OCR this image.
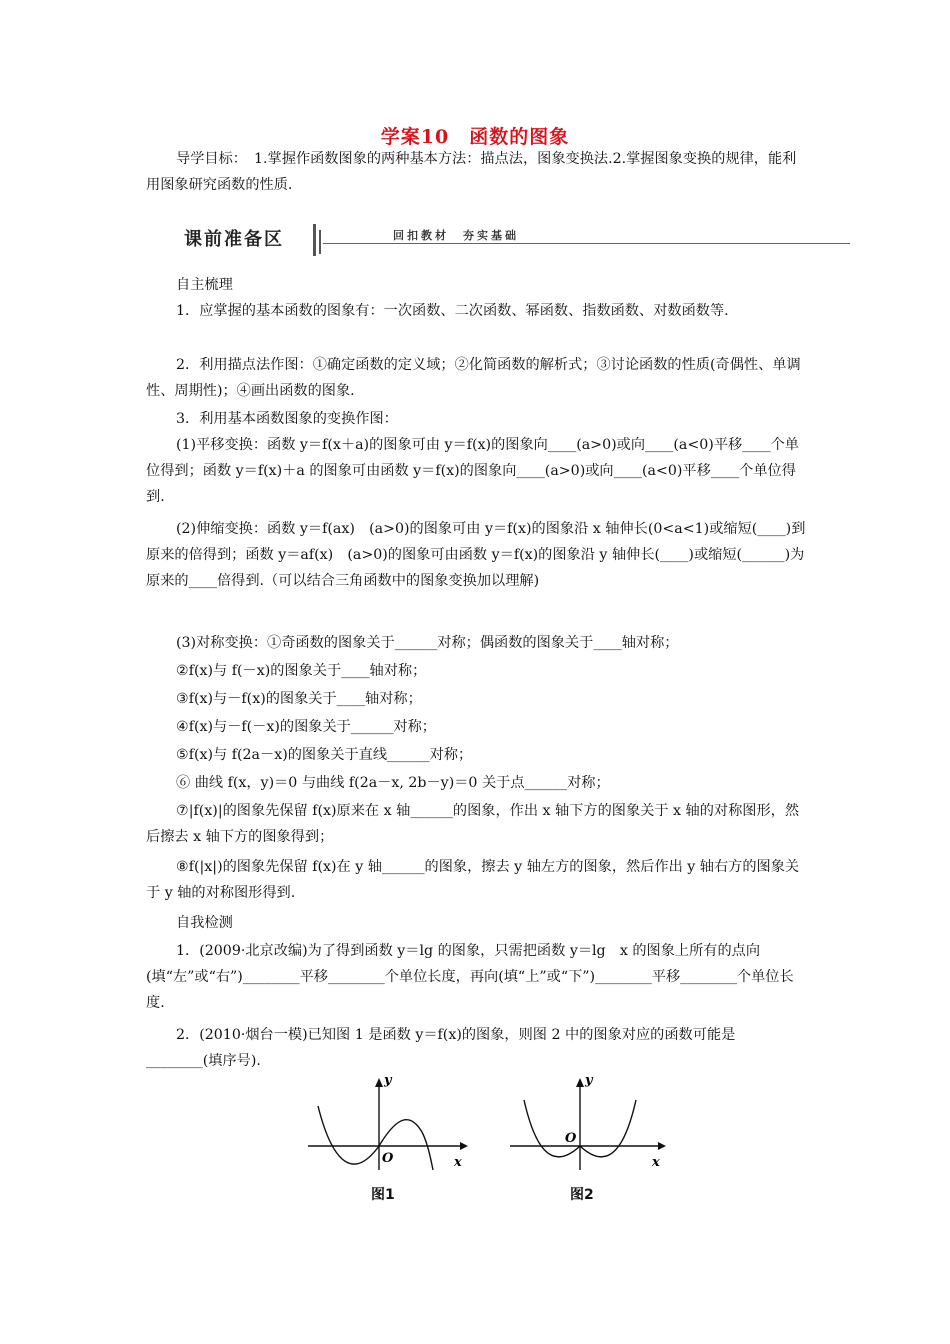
学案10　函数的图象
导学目标：　1.掌握作函数图象的两种基本方法：描点法，图象变换法.2.掌握图象变换的规律，能利用图象研究函数的性质.
课前准备区	回扣教材　夯实基础
自主梳理
1．应掌握的基本函数的图象有：一次函数、二次函数、幂函数、指数函数、对数函数等.
2．利用描点法作图：①确定函数的定义域；②化简函数的解析式；③讨论函数的性质(奇偶性、单调性、周期性)；④画出函数的图象.
3．利用基本函数图象的变换作图：
(1)平移变换：函数 y＝f(x＋a)的图象可由 y＝f(x)的图象向____(a>0)或向____(a<0)平移____个单位得到；函数 y＝f(x)＋a 的图象可由函数 y＝f(x)的图象向____(a>0)或向____(a<0)平移____个单位得到.
(2)伸缩变换：函数 y＝f(ax)　(a>0)的图象可由 y＝f(x)的图象沿 x 轴伸长(0<a<1)或缩短(____)到原来的倍得到；函数 y＝af(x)　(a>0)的图象可由函数 y＝f(x)的图象沿 y 轴伸长(____)或缩短(______)为原来的____倍得到.（可以结合三角函数中的图象变换加以理解)
(3)对称变换：①奇函数的图象关于______对称；偶函数的图象关于____轴对称；
②f(x)与 f(－x)的图象关于____轴对称；
③f(x)与－f(x)的图象关于____轴对称；
④f(x)与－f(－x)的图象关于______对称；
⑤f(x)与 f(2a－x)的图象关于直线______对称；
⑥ 曲线 f(x，y)＝0 与曲线 f(2a－x, 2b－y)＝0 关于点______对称；
⑦|f(x)|的图象先保留 f(x)原来在 x 轴______的图象，作出 x 轴下方的图象关于 x 轴的对称图形，然后擦去 x 轴下方的图象得到；
⑧f(|x|)的图象先保留 f(x)在 y 轴______的图象，擦去 y 轴左方的图象，然后作出 y 轴右方的图象关于 y 轴的对称图形得到.
自我检测
1．(2009·北京改编)为了得到函数 y＝lg 的图象，只需把函数 y＝lg　x 的图象上所有的点向(填“左”或“右”)________平移________个单位长度，再向(填“上”或“下”)________平移________个单位长度.
2．(2010·烟台一模)已知图 1 是函数 y＝f(x)的图象，则图 2 中的图象对应的函数可能是________(填序号).
y
x
O
图1
y
x
O
图2
